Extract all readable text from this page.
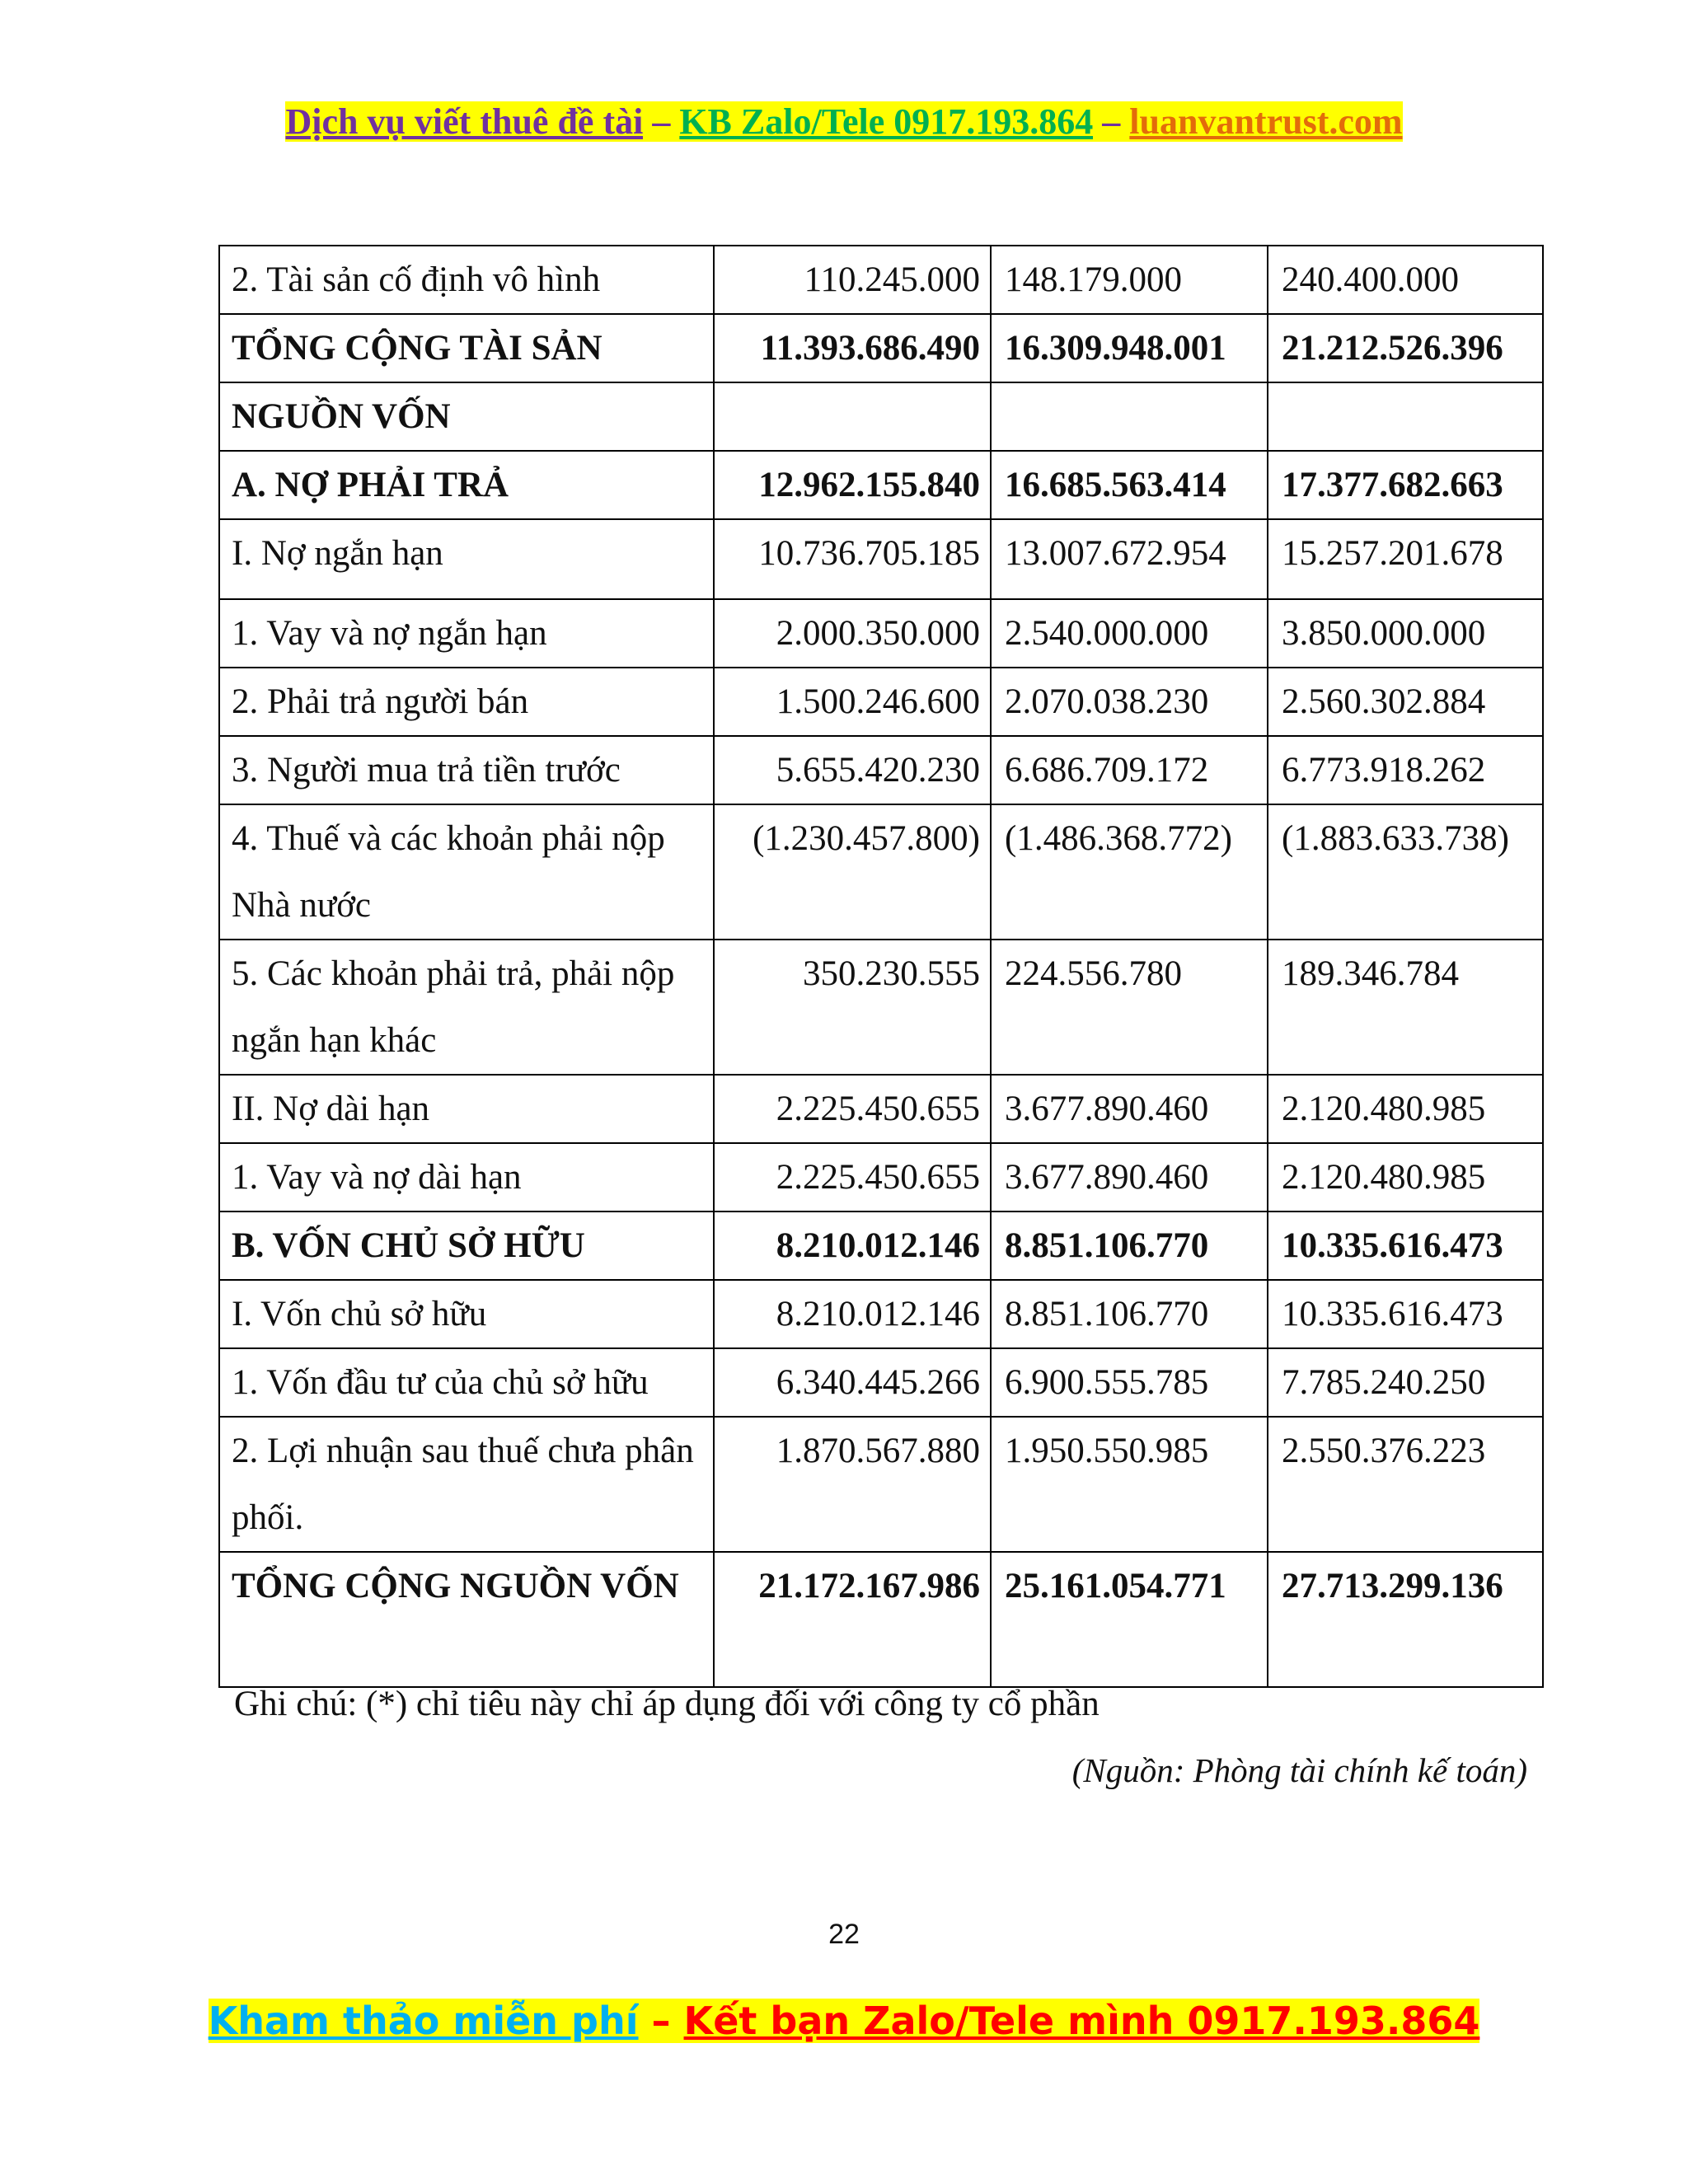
Dịch vụ viết thuê đề tài – KB Zalo/Tele 0917.193.864 – luanvantrust.com
2. Tài sản cố định vô hình	110.245.000	148.179.000	240.400.000
TỔNG CỘNG TÀI SẢN	11.393.686.490	16.309.948.001	21.212.526.396
NGUỒN VỐN			
A. NỢ PHẢI TRẢ	12.962.155.840	16.685.563.414	17.377.682.663
I. Nợ ngắn hạn	10.736.705.185	13.007.672.954	15.257.201.678
1. Vay và nợ ngắn hạn	2.000.350.000	2.540.000.000	3.850.000.000
2. Phải trả người bán	1.500.246.600	2.070.038.230	2.560.302.884
3. Người mua trả tiền trước	5.655.420.230	6.686.709.172	6.773.918.262
4. Thuế và các khoản phải nộp Nhà nước	(1.230.457.800)	(1.486.368.772)	(1.883.633.738)
5. Các khoản phải trả, phải nộp ngắn hạn khác	350.230.555	224.556.780	189.346.784
II. Nợ dài hạn	2.225.450.655	3.677.890.460	2.120.480.985
1. Vay và nợ dài hạn	2.225.450.655	3.677.890.460	2.120.480.985
B. VỐN CHỦ SỞ HỮU	8.210.012.146	8.851.106.770	10.335.616.473
I. Vốn chủ sở hữu	8.210.012.146	8.851.106.770	10.335.616.473
1. Vốn đầu tư của chủ sở hữu	6.340.445.266	6.900.555.785	7.785.240.250
2. Lợi nhuận sau thuế chưa phân phối.	1.870.567.880	1.950.550.985	2.550.376.223
TỔNG CỘNG NGUỒN VỐN	21.172.167.986	25.161.054.771	27.713.299.136
Ghi chú: (*) chỉ tiêu này chỉ áp dụng đối với công ty cổ phần
(Nguồn: Phòng tài chính kế toán)
22
Kham thảo miễn phí – Kết bạn Zalo/Tele mình 0917.193.864
